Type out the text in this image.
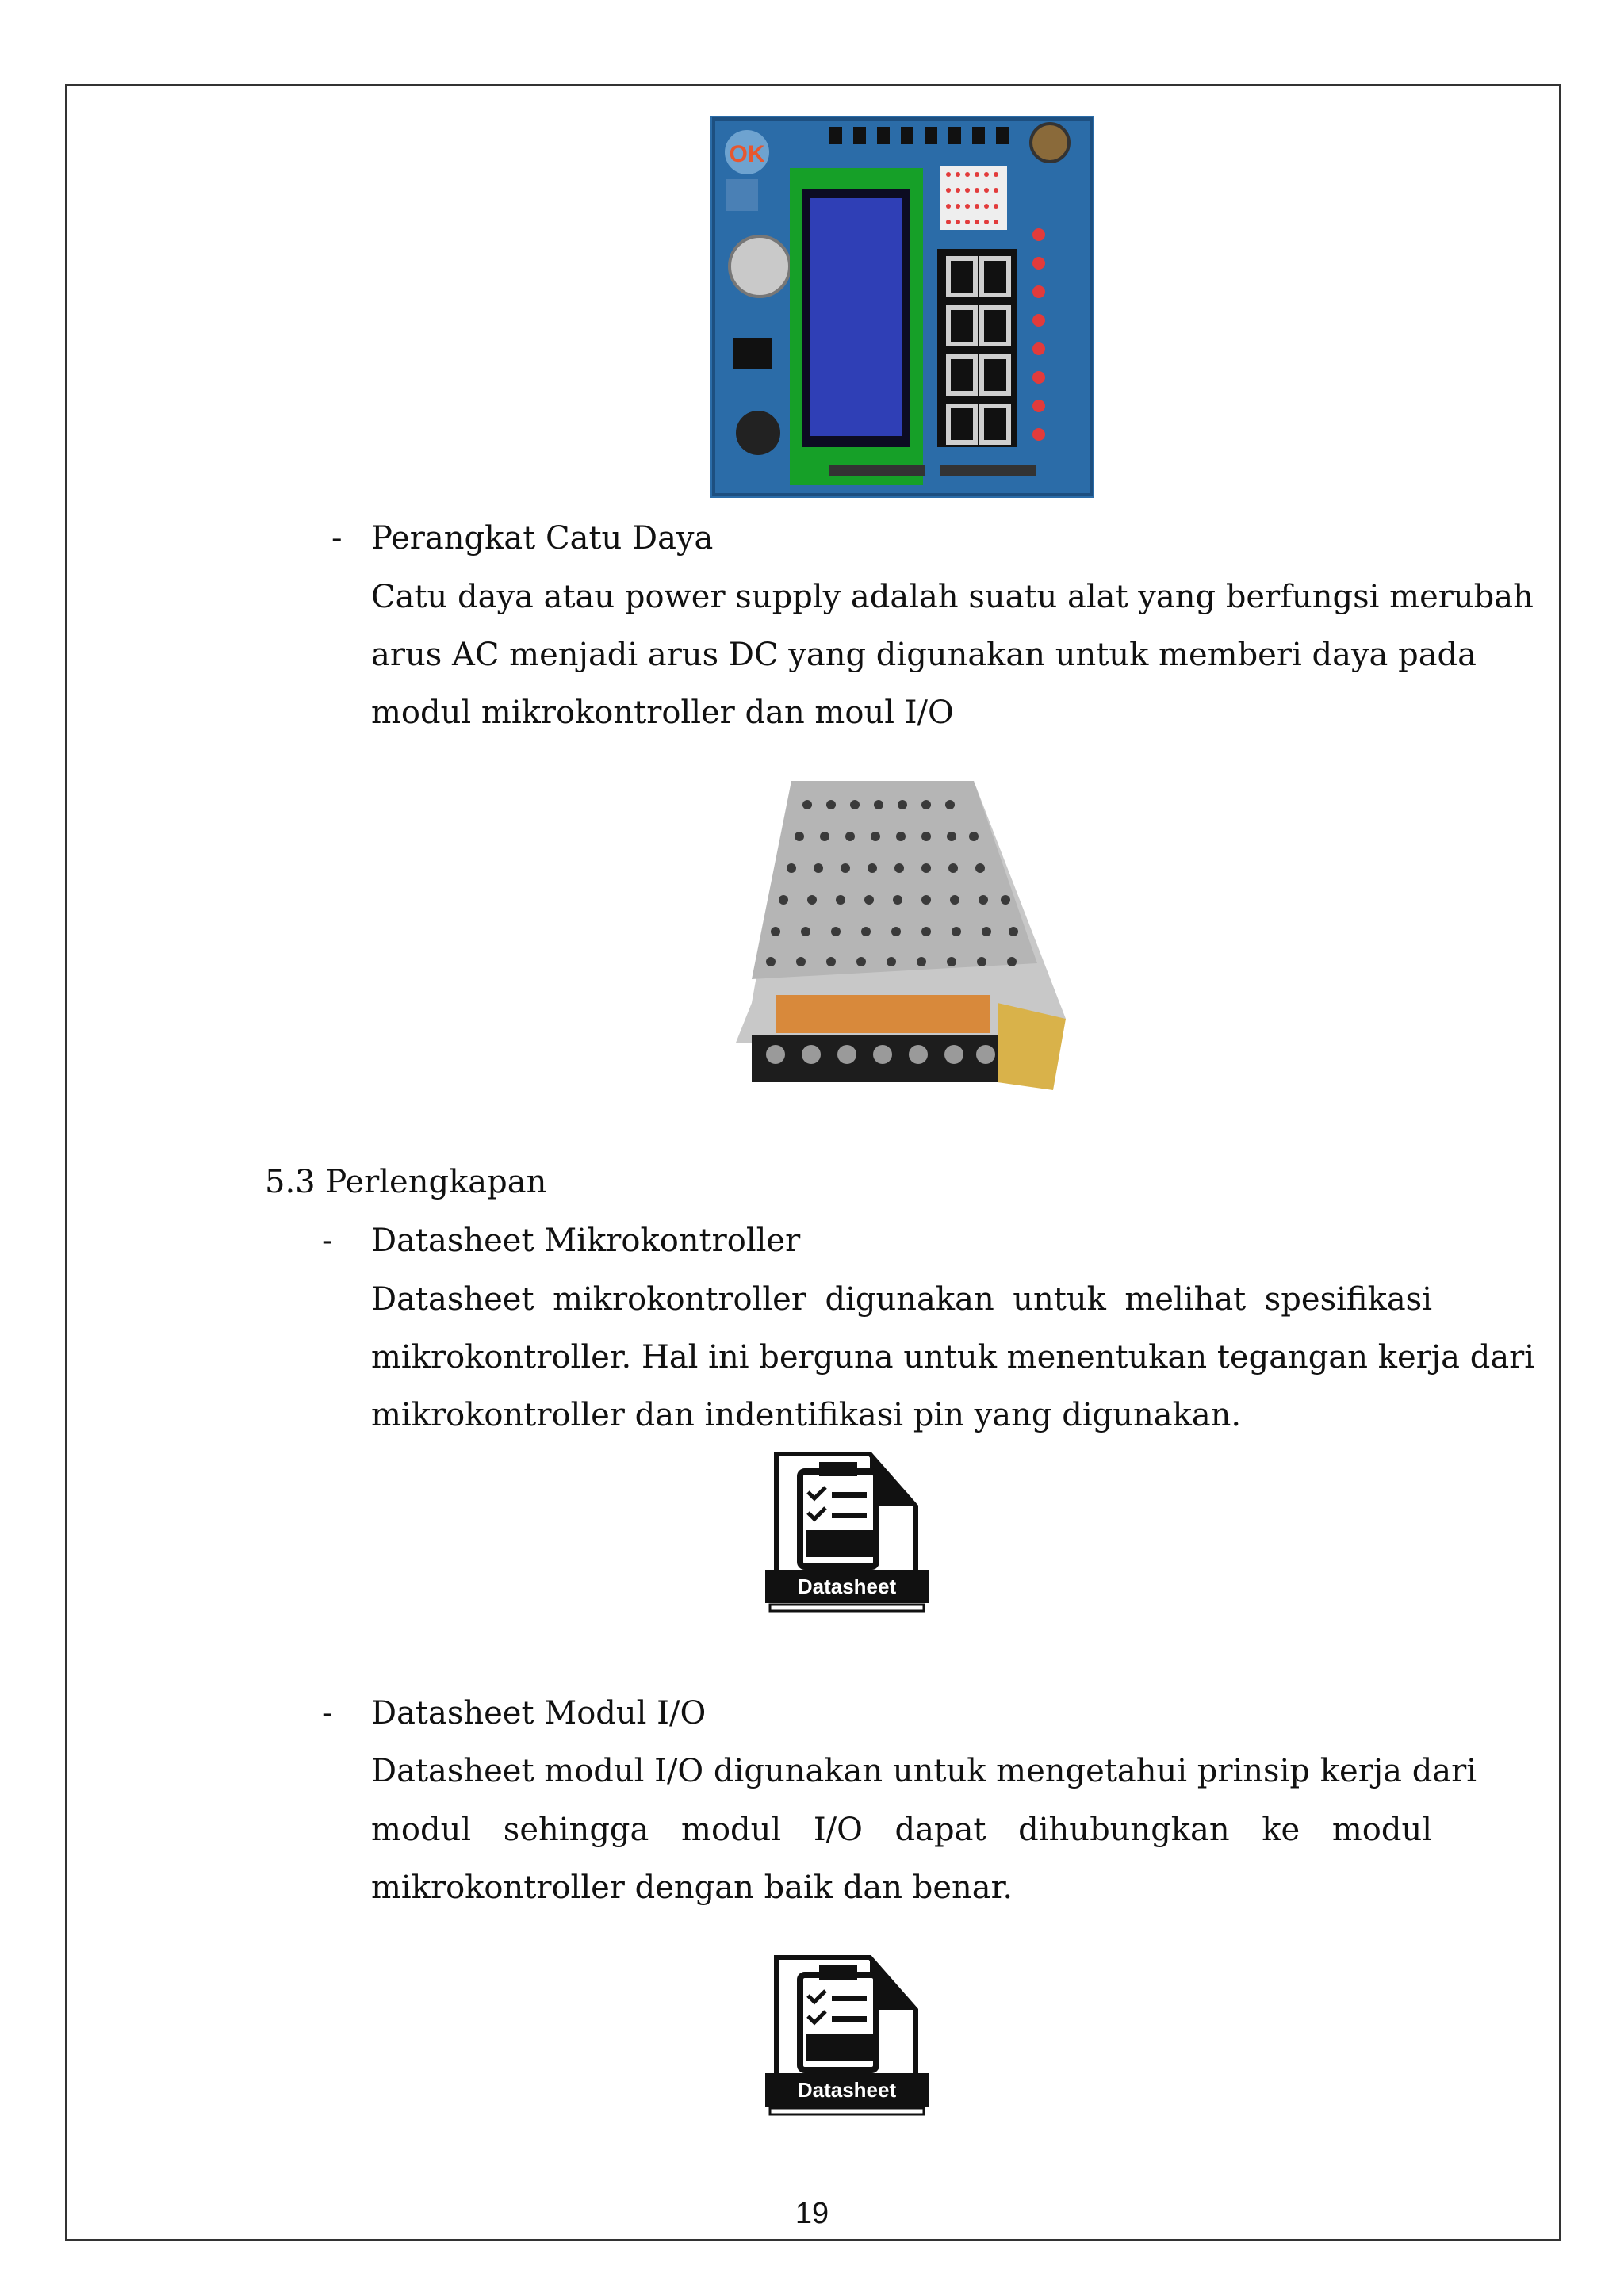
OK
- Perangkat Catu Daya
Catu daya atau power supply adalah suatu alat yang berfungsi merubah
arus AC menjadi arus DC yang digunakan untuk memberi daya pada
modul mikrokontroller dan moul I/O
5.3 Perlengkapan
- Datasheet Mikrokontroller
Datasheet mikrokontroller digunakan untuk melihat spesifikasi
mikrokontroller. Hal ini berguna untuk menentukan tegangan kerja dari
mikrokontroller dan indentifikasi pin yang digunakan.
Datasheet
- Datasheet Modul I/O
Datasheet modul I/O digunakan untuk mengetahui prinsip kerja dari
modul sehingga modul I/O dapat dihubungkan ke modul
mikrokontroller dengan baik dan benar.
Datasheet
19
